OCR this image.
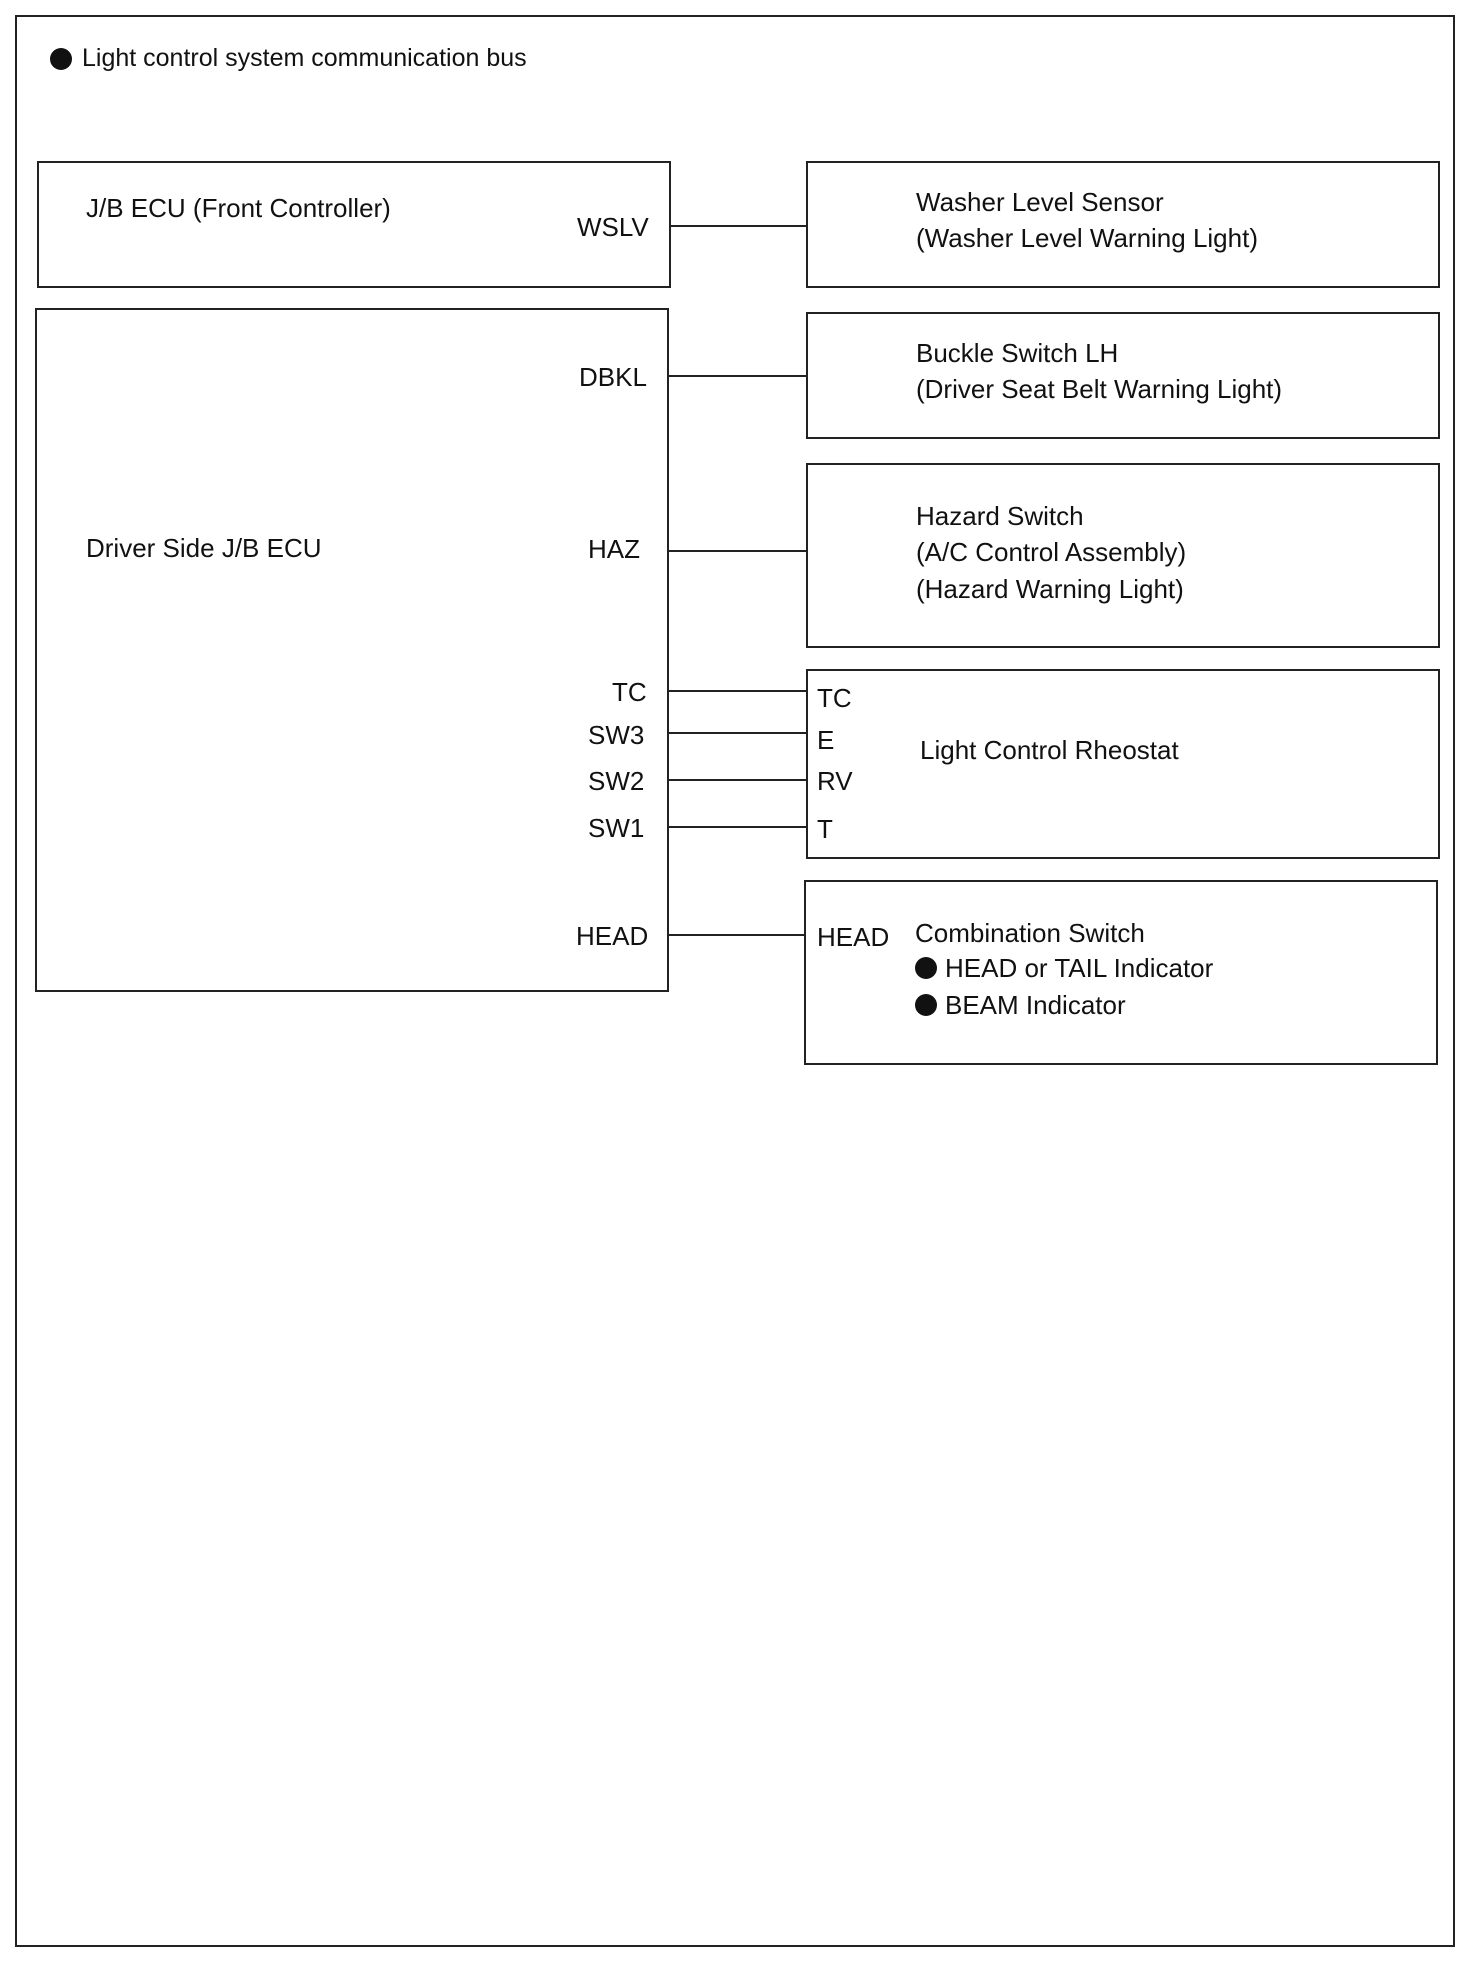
Light control system communication bus
J/B ECU (Front Controller)
WSLV
Driver Side J/B ECU
DBKL
HAZ
TC
SW3
SW2
SW1
HEAD
Washer Level Sensor
(Washer Level Warning Light)
Buckle Switch LH
(Driver Seat Belt Warning Light)
Hazard Switch
(A/C Control Assembly)
(Hazard Warning Light)
TC
E
RV
T
Light Control Rheostat
HEAD Combination Switch
HEAD or TAIL Indicator
BEAM Indicator
